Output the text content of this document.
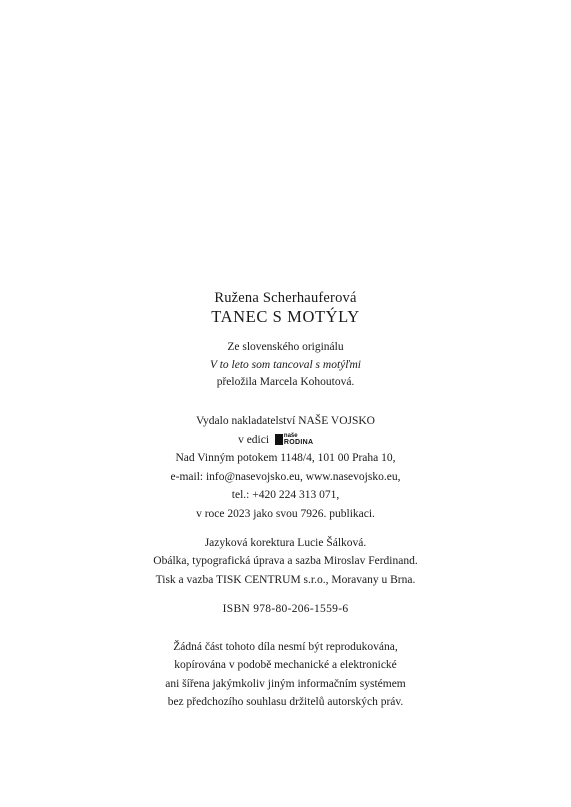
Ružena Scherhauferová
TANEC S MOTÝLY
Ze slovenského originálu
V to leto som tancoval s motýľmi
přeložila Marcela Kohoutová.
Vydalo nakladatelství NAŠE VOJSKO
v edici naše
RODINA
Nad Vinným potokem 1148/4, 101 00 Praha 10,
e-mail: info@nasevojsko.eu, www.nasevojsko.eu,
tel.: +420 224 313 071,
v roce 2023 jako svou 7926. publikaci.
Jazyková korektura Lucie Šálková.
Obálka, typografická úprava a sazba Miroslav Ferdinand.
Tisk a vazba TISK CENTRUM s.r.o., Moravany u Brna.
ISBN 978-80-206-1559-6
Žádná část tohoto díla nesmí být reprodukována,
kopírována v podobě mechanické a elektronické
ani šířena jakýmkoliv jiným informačním systémem
bez předchozího souhlasu držitelů autorských práv.
